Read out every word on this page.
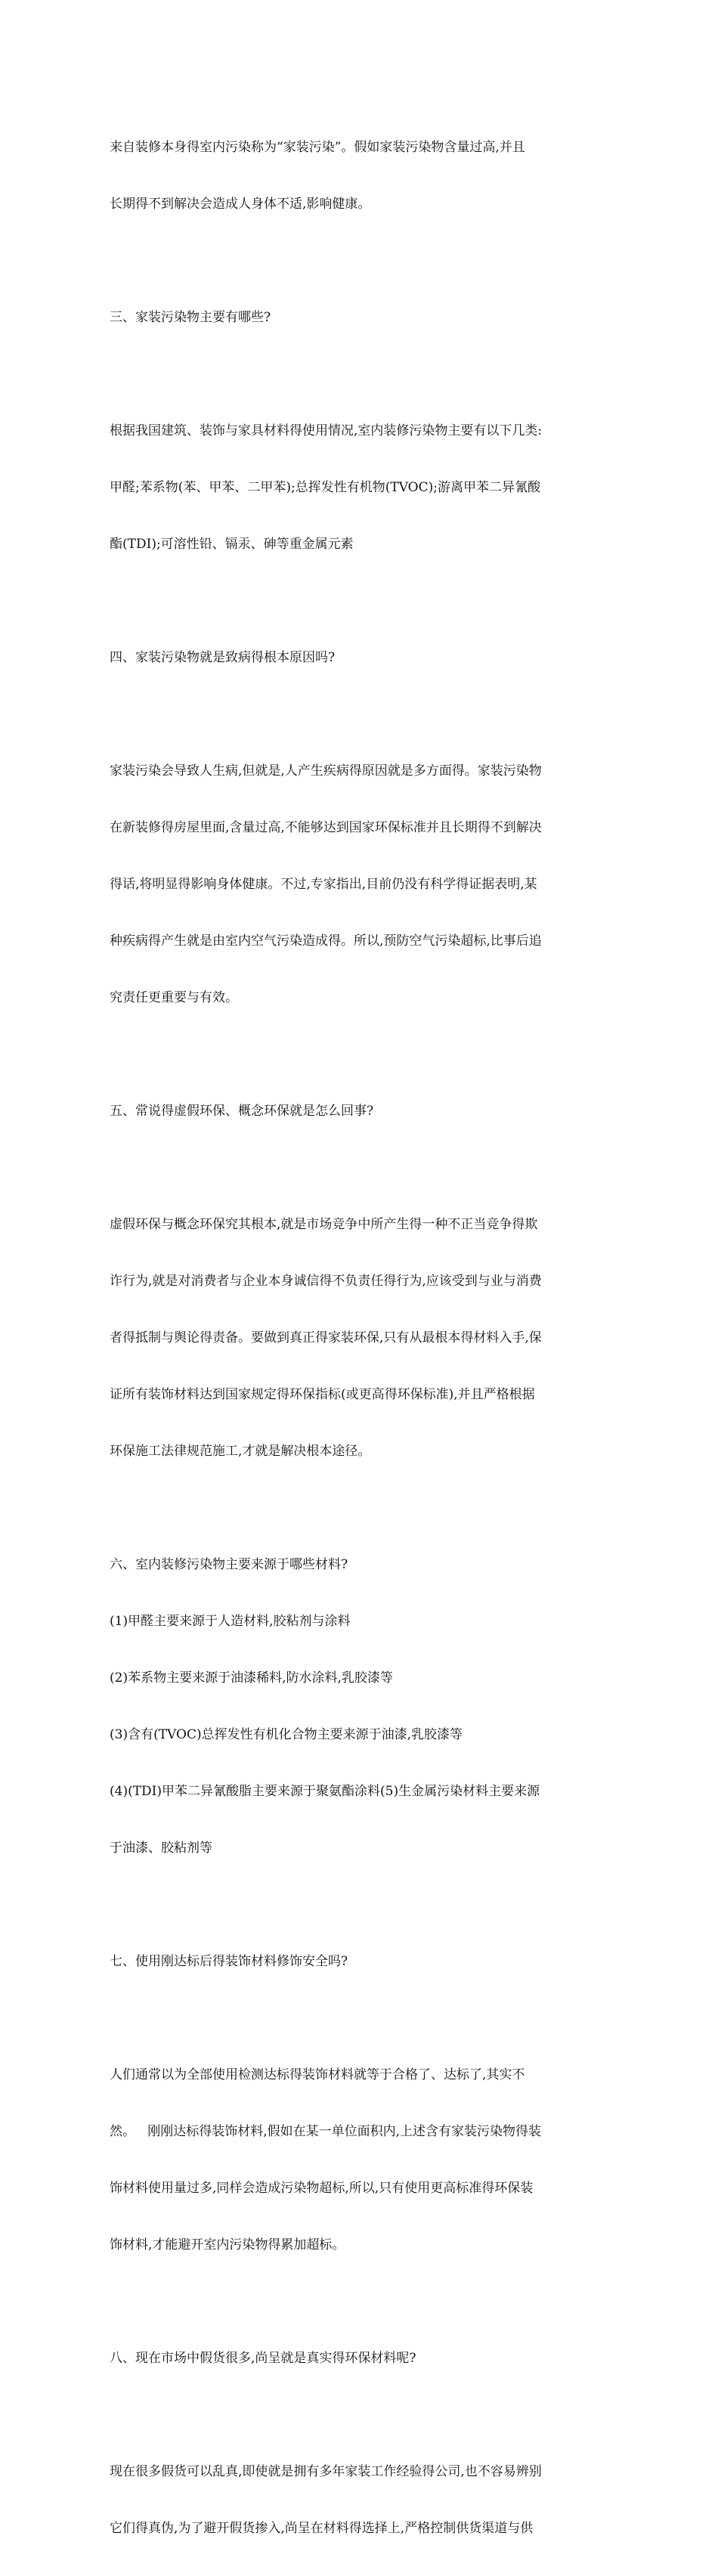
来自装修本身得室内污染称为“家装污染”。假如家装污染物含量过高,并且

长期得不到解决会造成人身体不适,影响健康。

三、家装污染物主要有哪些?

根据我国建筑、装饰与家具材料得使用情况,室内装修污染物主要有以下几类:

甲醛;苯系物(苯、甲苯、二甲苯);总挥发性有机物(TVOC);游离甲苯二异氰酸

酯(TDI);可溶性铅、镉汞、砷等重金属元素

四、家装污染物就是致病得根本原因吗?

家装污染会导致人生病,但就是,人产生疾病得原因就是多方面得。家装污染物

在新装修得房屋里面,含量过高,不能够达到国家环保标准并且长期得不到解决

得话,将明显得影响身体健康。不过,专家指出,目前仍没有科学得证据表明,某

种疾病得产生就是由室内空气污染造成得。所以,预防空气污染超标,比事后追

究责任更重要与有效。

五、常说得虚假环保、概念环保就是怎么回事?

虚假环保与概念环保究其根本,就是市场竞争中所产生得一种不正当竞争得欺

诈行为,就是对消费者与企业本身诚信得不负责任得行为,应该受到与业与消费

者得抵制与舆论得责备。要做到真正得家装环保,只有从最根本得材料入手,保

证所有装饰材料达到国家规定得环保指标(或更高得环保标准),并且严格根据

环保施工法律规范施工,才就是解决根本途径。

六、室内装修污染物主要来源于哪些材料?

(1)甲醛主要来源于人造材料,胶粘剂与涂料

(2)苯系物主要来源于油漆稀料,防水涂料,乳胶漆等

(3)含有(TVOC)总挥发性有机化合物主要来源于油漆,乳胶漆等

(4)(TDI)甲苯二异氰酸脂主要来源于聚氨酯涂料(5)生金属污染材料主要来源

于油漆、胶粘剂等

七、使用刚达标后得装饰材料修饰安全吗?

人们通常以为全部使用检测达标得装饰材料就等于合格了、达标了,其实不

然。   刚刚达标得装饰材料,假如在某一单位面积内,上述含有家装污染物得装

饰材料使用量过多,同样会造成污染物超标,所以,只有使用更高标准得环保装

饰材料,才能避开室内污染物得累加超标。

八、现在市场中假货很多,尚呈就是真实得环保材料呢?

现在很多假货可以乱真,即使就是拥有多年家装工作经验得公司,也不容易辨别

它们得真伪,为了避开假货掺入,尚呈在材料得选择上,严格控制供货渠道与供
